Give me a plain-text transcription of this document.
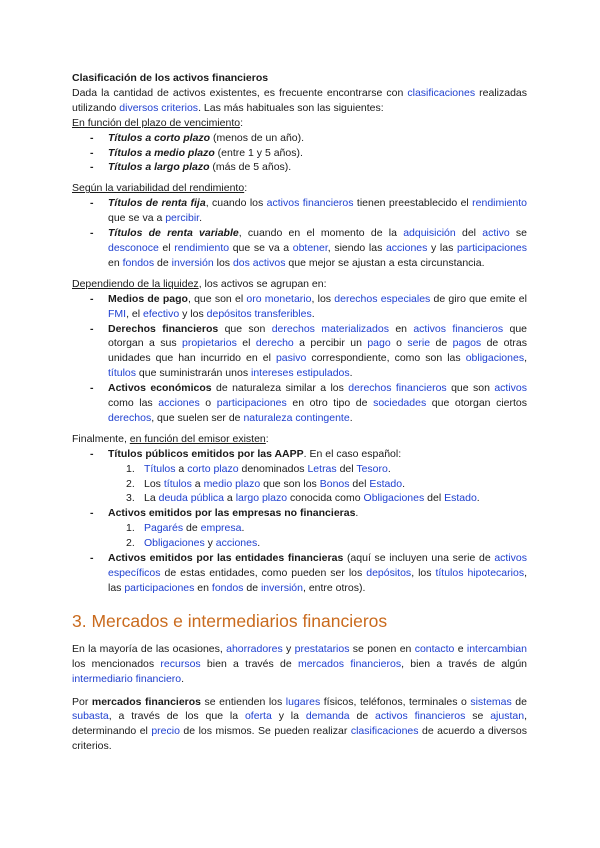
Clasificación de los activos financieros

Dada la cantidad de activos existentes, es frecuente encontrarse con clasificaciones realizadas utilizando diversos criterios. Las más habituales son las siguientes:

En función del plazo de vencimiento:

- Títulos a corto plazo (menos de un año).
- Títulos a medio plazo (entre 1 y 5 años).
- Títulos a largo plazo (más de 5 años).

Según la variabilidad del rendimiento:

- Títulos de renta fija, cuando los activos financieros tienen preestablecido el rendimiento que se va a percibir.
- Títulos de renta variable, cuando en el momento de la adquisición del activo se desconoce el rendimiento que se va a obtener, siendo las acciones y las participaciones en fondos de inversión los dos activos que mejor se ajustan a esta circunstancia.

Dependiendo de la liquidez, los activos se agrupan en:

- Medios de pago, que son el oro monetario, los derechos especiales de giro que emite el FMI, el efectivo y los depósitos transferibles.
- Derechos financieros que son derechos materializados en activos financieros que otorgan a sus propietarios el derecho a percibir un pago o serie de pagos de otras unidades que han incurrido en el pasivo correspondiente, como son las obligaciones, títulos que suministrarán unos intereses estipulados.
- Activos económicos de naturaleza similar a los derechos financieros que son activos como las acciones o participaciones en otro tipo de sociedades que otorgan ciertos derechos, que suelen ser de naturaleza contingente.

Finalmente, en función del emisor existen:

- Títulos públicos emitidos por las AAPP. En el caso español:
1. Títulos a corto plazo denominados Letras del Tesoro.
2. Los títulos a medio plazo que son los Bonos del Estado.
3. La deuda pública a largo plazo conocida como Obligaciones del Estado.
- Activos emitidos por las empresas no financieras.
1. Pagarés de empresa.
2. Obligaciones y acciones.
- Activos emitidos por las entidades financieras (aquí se incluyen una serie de activos específicos de estas entidades, como pueden ser los depósitos, los títulos hipotecarios, las participaciones en fondos de inversión, entre otros).
3. Mercados e intermediarios financieros

En la mayoría de las ocasiones, ahorradores y prestatarios se ponen en contacto e intercambian los mencionados recursos bien a través de mercados financieros, bien a través de algún intermediario financiero.

Por mercados financieros se entienden los lugares físicos, teléfonos, terminales o sistemas de subasta, a través de los que la oferta y la demanda de activos financieros se ajustan, determinando el precio de los mismos. Se pueden realizar clasificaciones de acuerdo a diversos criterios.
